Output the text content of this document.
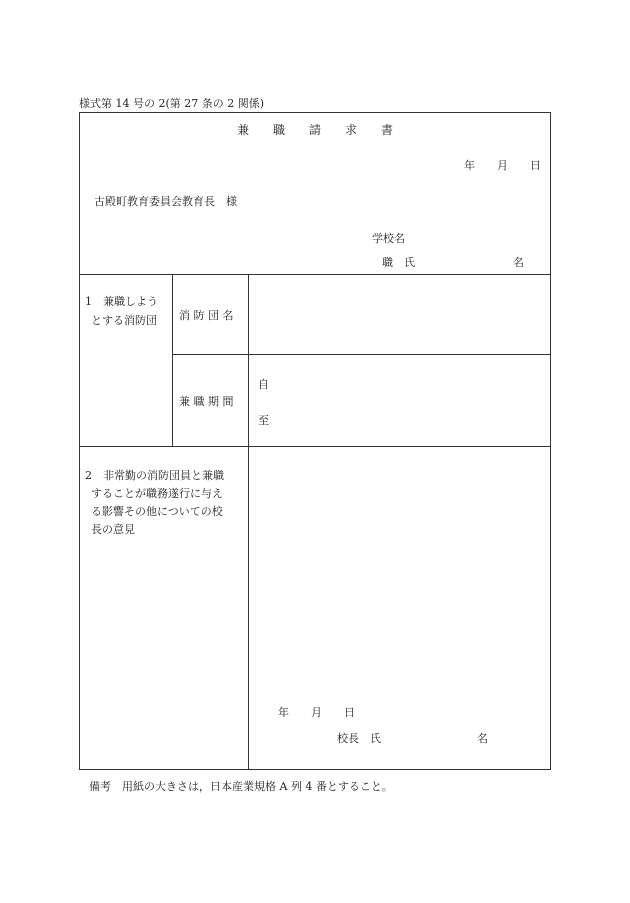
様式第 14 号の 2(第 27 条の 2 関係)
兼　　職　　請　　求　　書
年　　月　　日
古殿町教育委員会教育長　様
学校名
職　氏	名
1　兼職しよう
とする消防団 消 防 団 名
兼 職 期 間
自
至
2　非常勤の消防団員と兼職
することが職務遂行に与え
る影響その他についての校
長の意見
年　　月　　日
校長　氏	名
備考　用紙の大きさは，日本産業規格 A 列 4 番とすること。
